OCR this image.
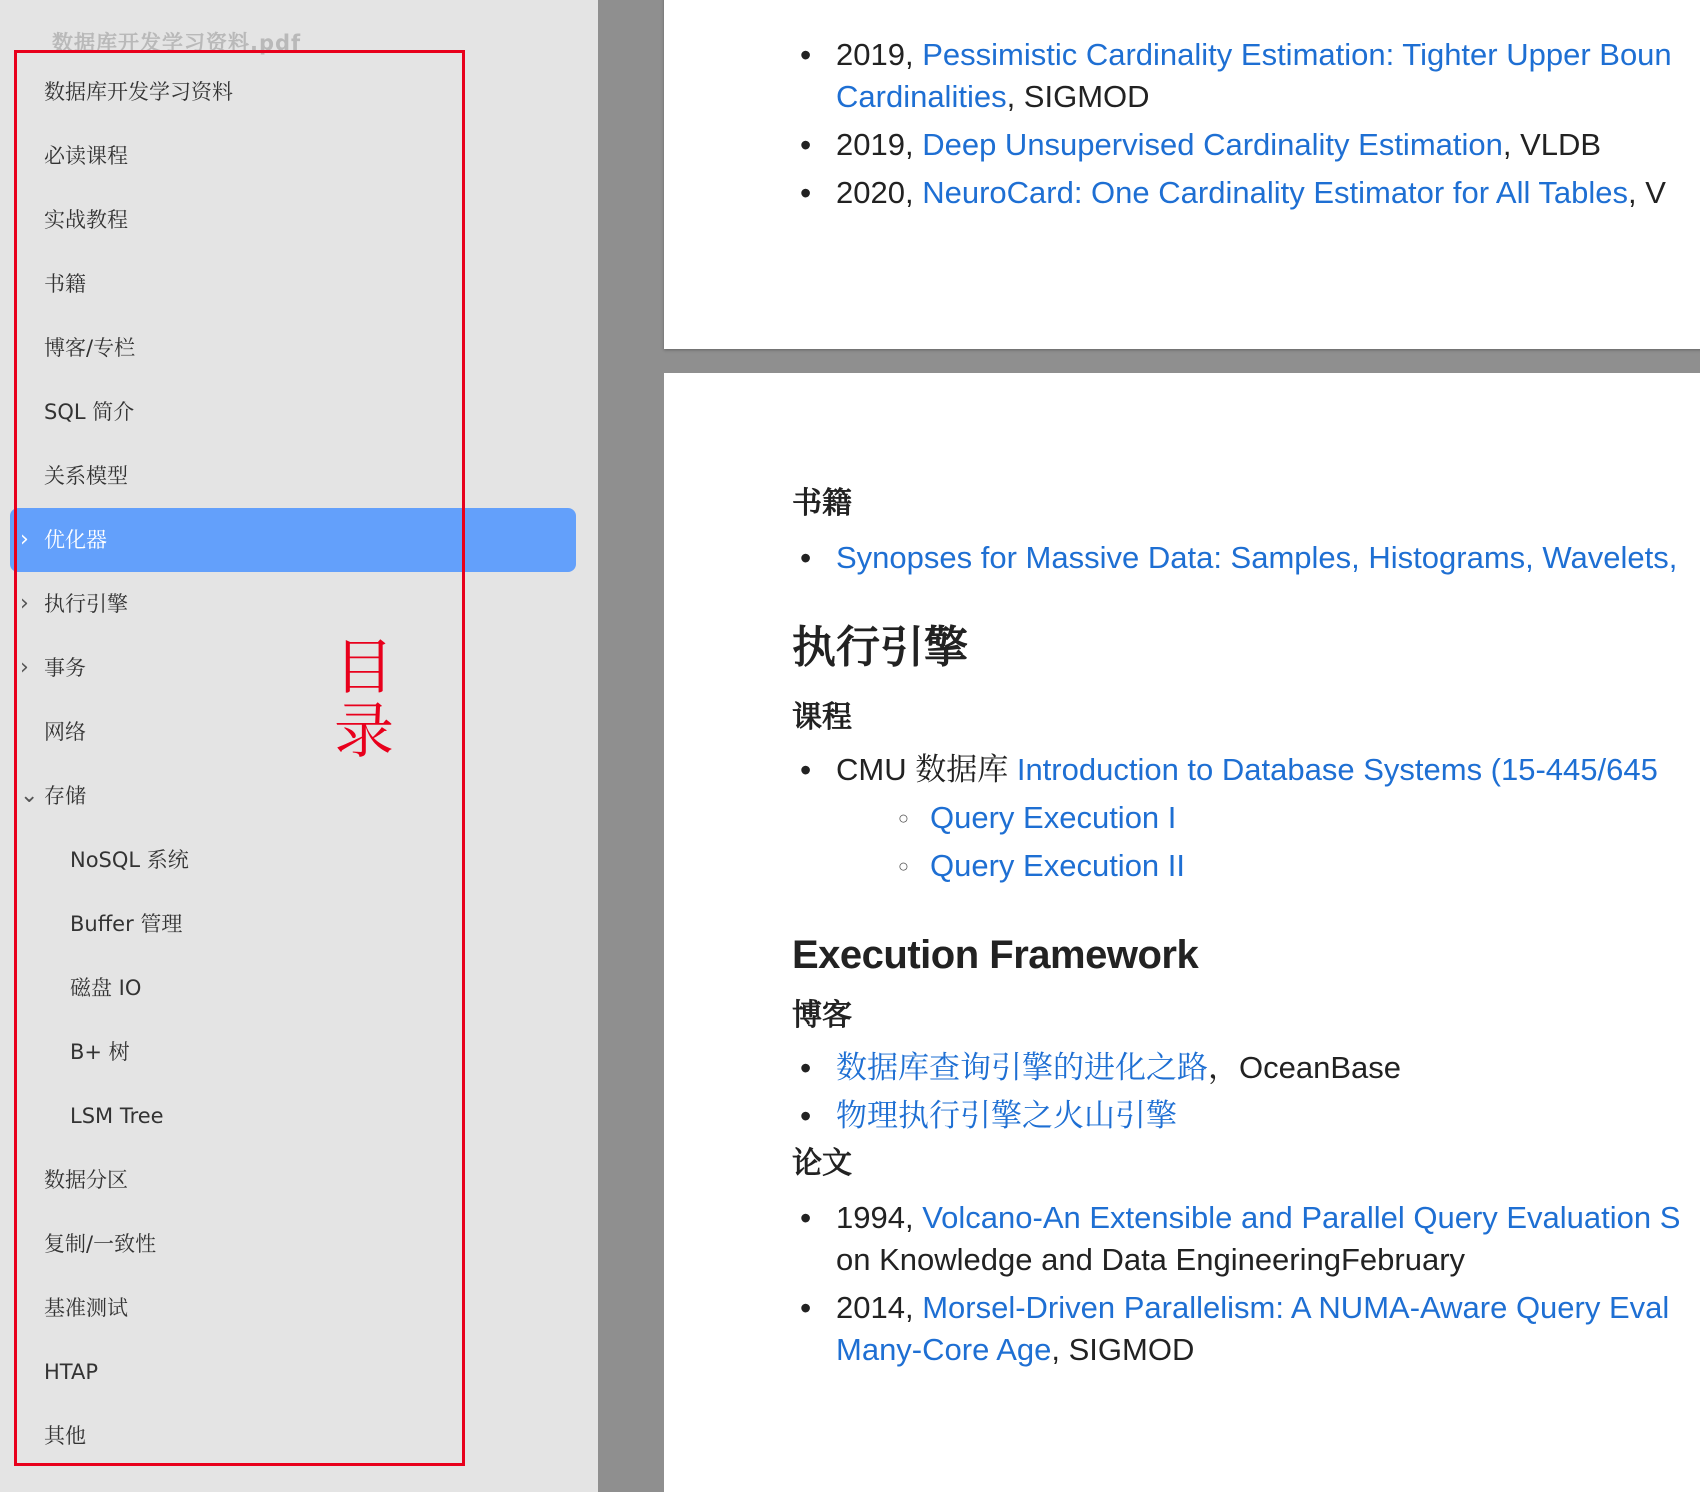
数据库开发学习资料.pdf
数据库开发学习资料
必读课程
实战教程
书籍
博客/专栏
SQL 简介
关系模型
› 优化器
› 执行引擎
› 事务
网络
⌄ 存储
NoSQL 系统
Buffer 管理
磁盘 IO
B+ 树
LSM Tree
数据分区
复制/一致性
基准测试
HTAP
其他
目录
• 2019, Pessimistic Cardinality Estimation: Tighter Upper Boun
Cardinalities, SIGMOD
• 2019, Deep Unsupervised Cardinality Estimation, VLDB
• 2020, NeuroCard: One Cardinality Estimator for All Tables, V
书籍
• Synopses for Massive Data: Samples, Histograms, Wavelets,
执行引擎
课程
• CMU 数据库 Introduction to Database Systems (15-445/645
○ Query Execution I
○ Query Execution II
Execution Framework
博客
• 数据库查询引擎的进化之路，OceanBase
• 物理执行引擎之火山引擎
论文
• 1994, Volcano-An Extensible and Parallel Query Evaluation S
on Knowledge and Data EngineeringFebruary
• 2014, Morsel-Driven Parallelism: A NUMA-Aware Query Eval
Many-Core Age, SIGMOD
